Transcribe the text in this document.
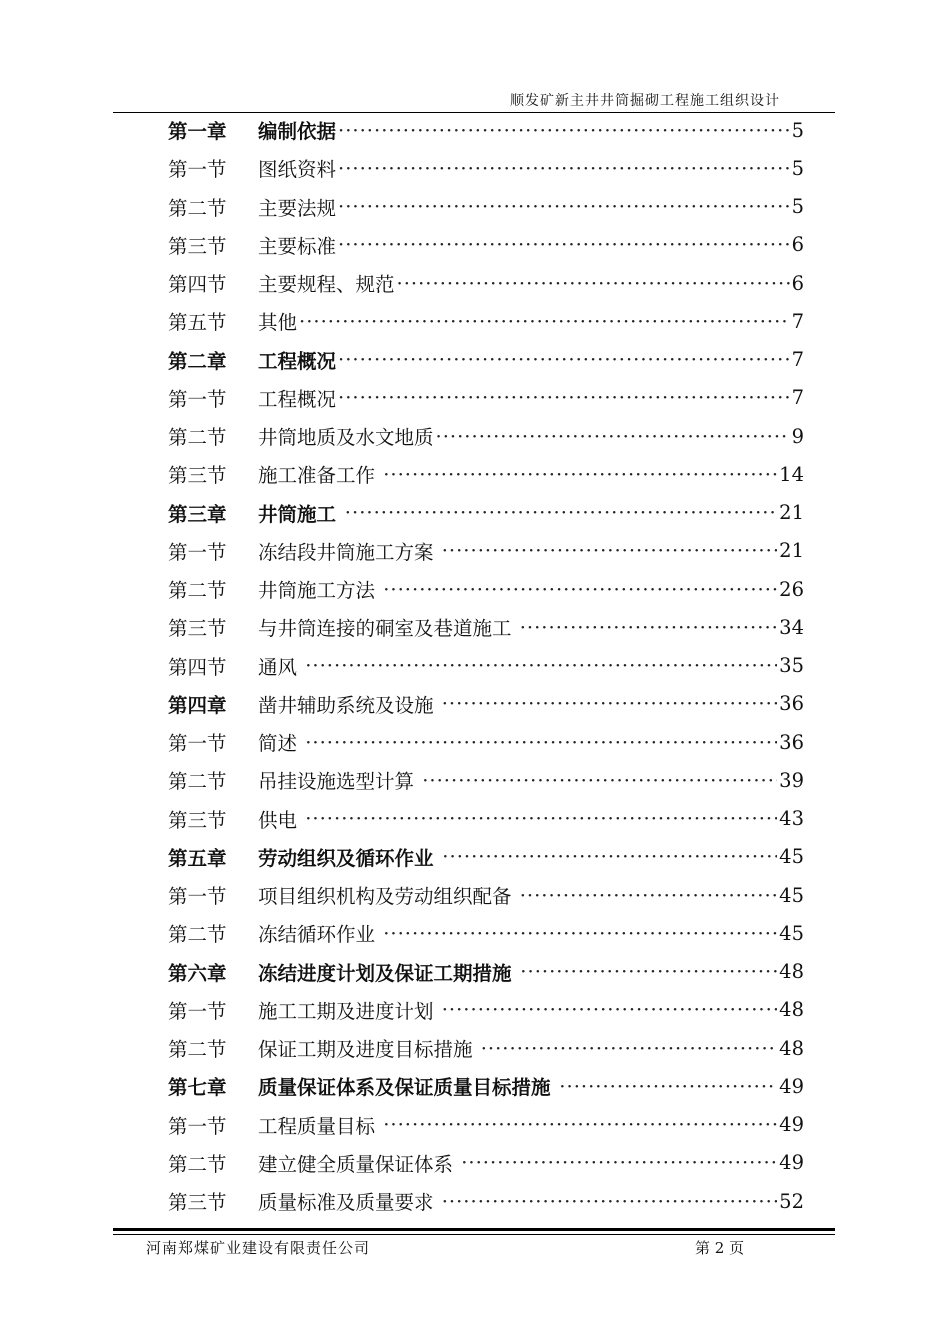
顺发矿新主井井筒掘砌工程施工组织设计
第一章	编制依据 ·····	5
第一节	图纸资料 ·····	5
第二节	主要法规 ·····	5
第三节	主要标准 ·····	6
第四节	主要规程、规范 ·····	6
第五节	其他 ·····	7
第二章	工程概况 ·····	7
第一节	工程概况 ·····	7
第二节	井筒地质及水文地质 ·····	9
第三节	施工准备工作 ·····	14
第三章	井筒施工 ·····	21
第一节	冻结段井筒施工方案 ·····	21
第二节	井筒施工方法 ·····	26
第三节	与井筒连接的硐室及巷道施工 ·····	34
第四节	通风 ·····	35
第四章	凿井辅助系统及设施 ·····	36
第一节	简述 ·····	36
第二节	吊挂设施选型计算 ·····	39
第三节	供电 ·····	43
第五章	劳动组织及循环作业 ·····	45
第一节	项目组织机构及劳动组织配备 ·····	45
第二节	冻结循环作业 ·····	45
第六章	冻结进度计划及保证工期措施 ·····	48
第一节	施工工期及进度计划 ·····	48
第二节	保证工期及进度目标措施 ·····	48
第七章	质量保证体系及保证质量目标措施 ·····	49
第一节	工程质量目标 ·····	49
第二节	建立健全质量保证体系 ·····	49
第三节	质量标准及质量要求 ·····	52
河南郑煤矿业建设有限责任公司	第 2 页
